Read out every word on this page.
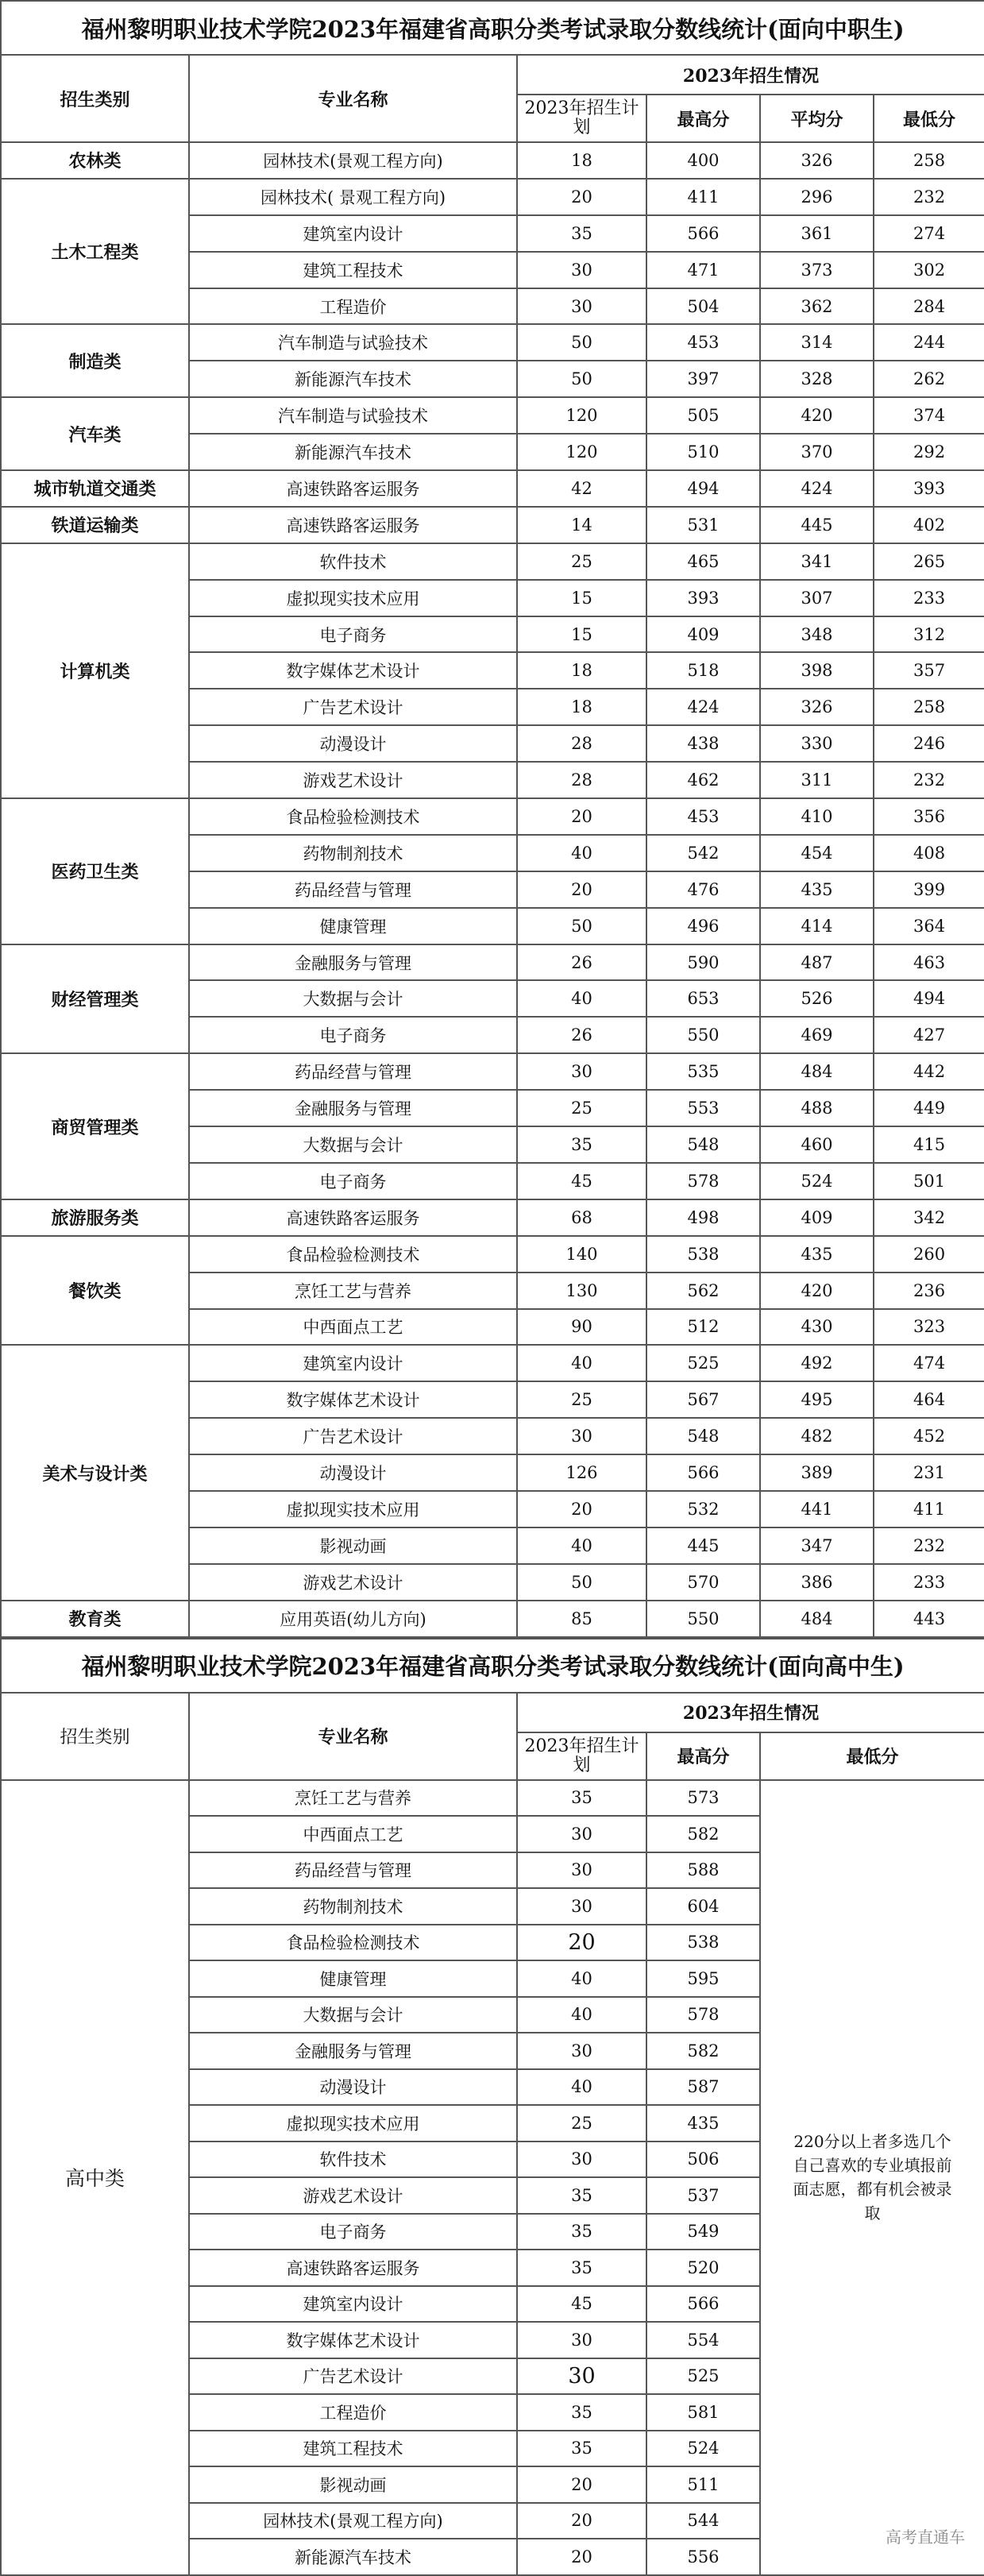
福州黎明职业技术学院2023年福建省高职分类考试录取分数线统计(面向中职生)					
招生类别	专业名称	2023年招生情况			
		2023年招生计划	最高分	平均分	最低分
农林类	园林技术(景观工程方向)	18	400	326	258
土木工程类	园林技术( 景观工程方向)	20	411	296	232
	建筑室内设计	35	566	361	274
	建筑工程技术	30	471	373	302
	工程造价	30	504	362	284
制造类	汽车制造与试验技术	50	453	314	244
	新能源汽车技术	50	397	328	262
汽车类	汽车制造与试验技术	120	505	420	374
	新能源汽车技术	120	510	370	292
城市轨道交通类	高速铁路客运服务	42	494	424	393
铁道运输类	高速铁路客运服务	14	531	445	402
计算机类	软件技术	25	465	341	265
	虚拟现实技术应用	15	393	307	233
	电子商务	15	409	348	312
	数字媒体艺术设计	18	518	398	357
	广告艺术设计	18	424	326	258
	动漫设计	28	438	330	246
	游戏艺术设计	28	462	311	232
医药卫生类	食品检验检测技术	20	453	410	356
	药物制剂技术	40	542	454	408
	药品经营与管理	20	476	435	399
	健康管理	50	496	414	364
财经管理类	金融服务与管理	26	590	487	463
	大数据与会计	40	653	526	494
	电子商务	26	550	469	427
商贸管理类	药品经营与管理	30	535	484	442
	金融服务与管理	25	553	488	449
	大数据与会计	35	548	460	415
	电子商务	45	578	524	501
旅游服务类	高速铁路客运服务	68	498	409	342
餐饮类	食品检验检测技术	140	538	435	260
	烹饪工艺与营养	130	562	420	236
	中西面点工艺	90	512	430	323
美术与设计类	建筑室内设计	40	525	492	474
	数字媒体艺术设计	25	567	495	464
	广告艺术设计	30	548	482	452
	动漫设计	126	566	389	231
	虚拟现实技术应用	20	532	441	411
	影视动画	40	445	347	232
	游戏艺术设计	50	570	386	233
教育类	应用英语(幼儿方向)	85	550	484	443
福州黎明职业技术学院2023年福建省高职分类考试录取分数线统计(面向高中生)				
招生类别	专业名称	2023年招生情况		
		2023年招生计划	最高分	最低分
高中类	烹饪工艺与营养	35	573	220分以上者多选几个自己喜欢的专业填报前面志愿，都有机会被录取
	中西面点工艺	30	582	
	药品经营与管理	30	588	
	药物制剂技术	30	604	
	食品检验检测技术	20	538	
	健康管理	40	595	
	大数据与会计	40	578	
	金融服务与管理	30	582	
	动漫设计	40	587	
	虚拟现实技术应用	25	435	
	软件技术	30	506	
	游戏艺术设计	35	537	
	电子商务	35	549	
	高速铁路客运服务	35	520	
	建筑室内设计	45	566	
	数字媒体艺术设计	30	554	
	广告艺术设计	30	525	
	工程造价	35	581	
	建筑工程技术	35	524	
	影视动画	20	511	
	园林技术(景观工程方向)	20	544	
	新能源汽车技术	20	556	
高考直通车
